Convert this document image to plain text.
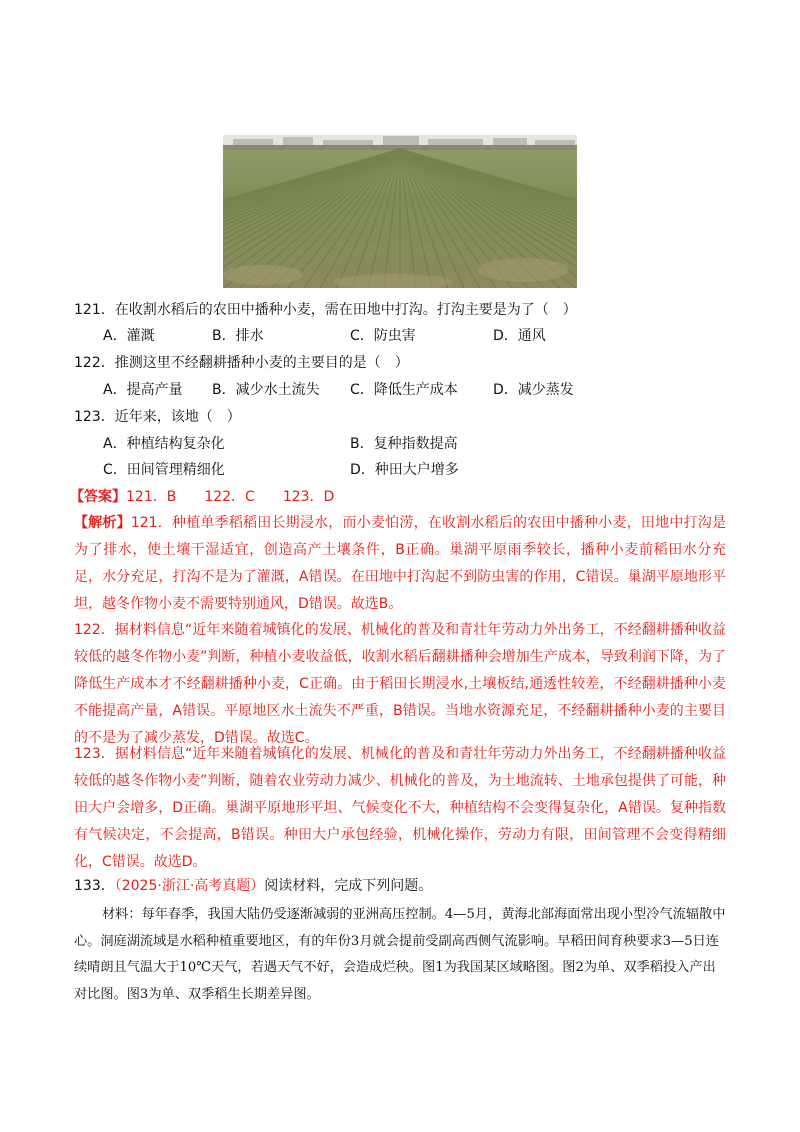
121．在收割水稻后的农田中播种小麦，需在田地中打沟。打沟主要是为了（　）
A．灌溉	B．排水	C．防虫害	D．通风
122．推测这里不经翻耕播种小麦的主要目的是（　）
A．提高产量 B．减少水土流失 C．降低生产成本	D．减少蒸发
123．近年来，该地（　）
A．种植结构复杂化	B．复种指数提高
C．田间管理精细化	D．种田大户增多
【答案】121．B　　122．C　　123．D

【解析】121．种植单季稻稻田长期浸水，而小麦怕涝，在收割水稻后的农田中播种小麦，田地中打沟是为了排水，使土壤干湿适宜，创造高产土壤条件，B正确。巢湖平原雨季较长，播种小麦前稻田水分充足，水分充足，打沟不是为了灌溉，A错误。在田地中打沟起不到防虫害的作用，C错误。巢湖平原地形平坦，越冬作物小麦不需要特别通风，D错误。故选B。

122．据材料信息“近年来随着城镇化的发展、机械化的普及和青壮年劳动力外出务工，不经翻耕播种收益较低的越冬作物小麦”判断，种植小麦收益低，收割水稻后翻耕播种会增加生产成本，导致利润下降，为了降低生产成本才不经翻耕播种小麦，C正确。由于稻田长期浸水,土壤板结,通透性较差，不经翻耕播种小麦不能提高产量，A错误。平原地区水土流失不严重，B错误。当地水资源充足，不经翻耕播种小麦的主要目的不是为了减少蒸发，D错误。故选C。

123．据材料信息“近年来随着城镇化的发展、机械化的普及和青壮年劳动力外出务工，不经翻耕播种收益较低的越冬作物小麦”判断，随着农业劳动力减少、机械化的普及，为土地流转、土地承包提供了可能，种田大户会增多，D正确。巢湖平原地形平坦、气候变化不大，种植结构不会变得复杂化，A错误。复种指数有气候决定，不会提高，B错误。种田大户承包经验，机械化操作，劳动力有限，田间管理不会变得精细化，C错误。故选D。

133．（2025·浙江·高考真题）阅读材料，完成下列问题。

材料：每年春季，我国大陆仍受逐渐减弱的亚洲高压控制。4—5月，黄海北部海面常出现小型冷气流辐散中心。洞庭湖流域是水稻种植重要地区，有的年份3月就会提前受副高西侧气流影响。早稻田间育秧要求3—5日连续晴朗且气温大于10℃天气，若遇天气不好，会造成烂秧。图1为我国某区域略图。图2为单、双季稻投入产出对比图。图3为单、双季稻生长期差异图。
